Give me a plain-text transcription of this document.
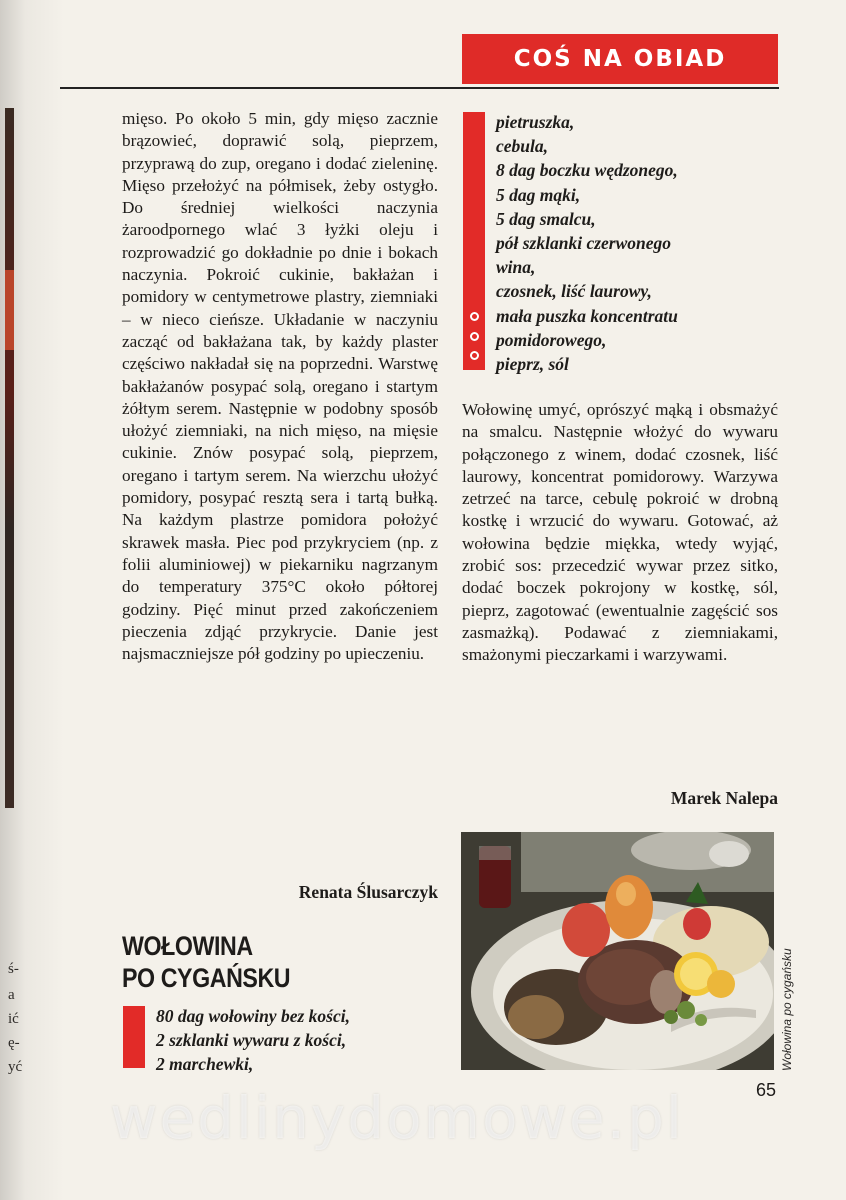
ś-
a
ić
ę-
yć
COŚ NA OBIAD
mięso. Po około 5 min, gdy mięso zacznie brązowieć, doprawić solą, pieprzem, przyprawą do zup, oregano i dodać zieleninę. Mięso przełożyć na półmisek, żeby ostygło. Do średniej wielkości naczynia żaroodpornego wlać 3 łyżki oleju i rozprowadzić go dokładnie po dnie i bokach naczynia. Pokroić cukinie, bakłażan i pomidory w centymetrowe plastry, ziemniaki – w nieco cieńsze. Układanie w naczyniu zacząć od bakłażana tak, by każdy plaster częściwo nakładał się na poprzedni. Warstwę bakłażanów posypać solą, oregano i startym żółtym serem. Następnie w podobny sposób ułożyć ziemniaki, na nich mięso, na mięsie cukinie. Znów posypać solą, pieprzem, oregano i tartym serem. Na wierzchu ułożyć pomidory, posypać resztą sera i tartą bułką. Na każdym plastrze pomidora położyć skrawek masła. Piec pod przykryciem (np. z folii aluminiowej) w piekarniku nagrzanym do temperatury 375°C około półtorej godziny. Pięć minut przed zakończeniem pieczenia zdjąć przykrycie. Danie jest najsmaczniejsze pół godziny po upieczeniu.
Renata Ślusarczyk
WOŁOWINA
PO CYGAŃSKU
80 dag wołowiny bez kości,
2 szklanki wywaru z kości,
2 marchewki,
pietruszka,
cebula,
8 dag boczku wędzonego,
5 dag mąki,
5 dag smalcu,
pół szklanki czerwonego
wina,
czosnek, liść laurowy,
mała puszka koncentratu
pomidorowego,
pieprz, sól
Wołowinę umyć, oprószyć mąką i obsmażyć na smalcu. Następnie włożyć do wywaru połączonego z winem, dodać czosnek, liść laurowy, koncentrat pomidorowy. Warzywa zetrzeć na tarce, cebulę pokroić w drobną kostkę i wrzucić do wywaru. Gotować, aż wołowina będzie miękka, wtedy wyjąć, zrobić sos: przecedzić wywar przez sitko, dodać boczek pokrojony w kostkę, sól, pieprz, zagotować (ewentualnie zagęścić sos zasmażką). Podawać z ziemniakami, smażonymi pieczarkami i warzywami.
Marek Nalepa
Wołowina po cygańsku
65
wedlinydomowe.pl
